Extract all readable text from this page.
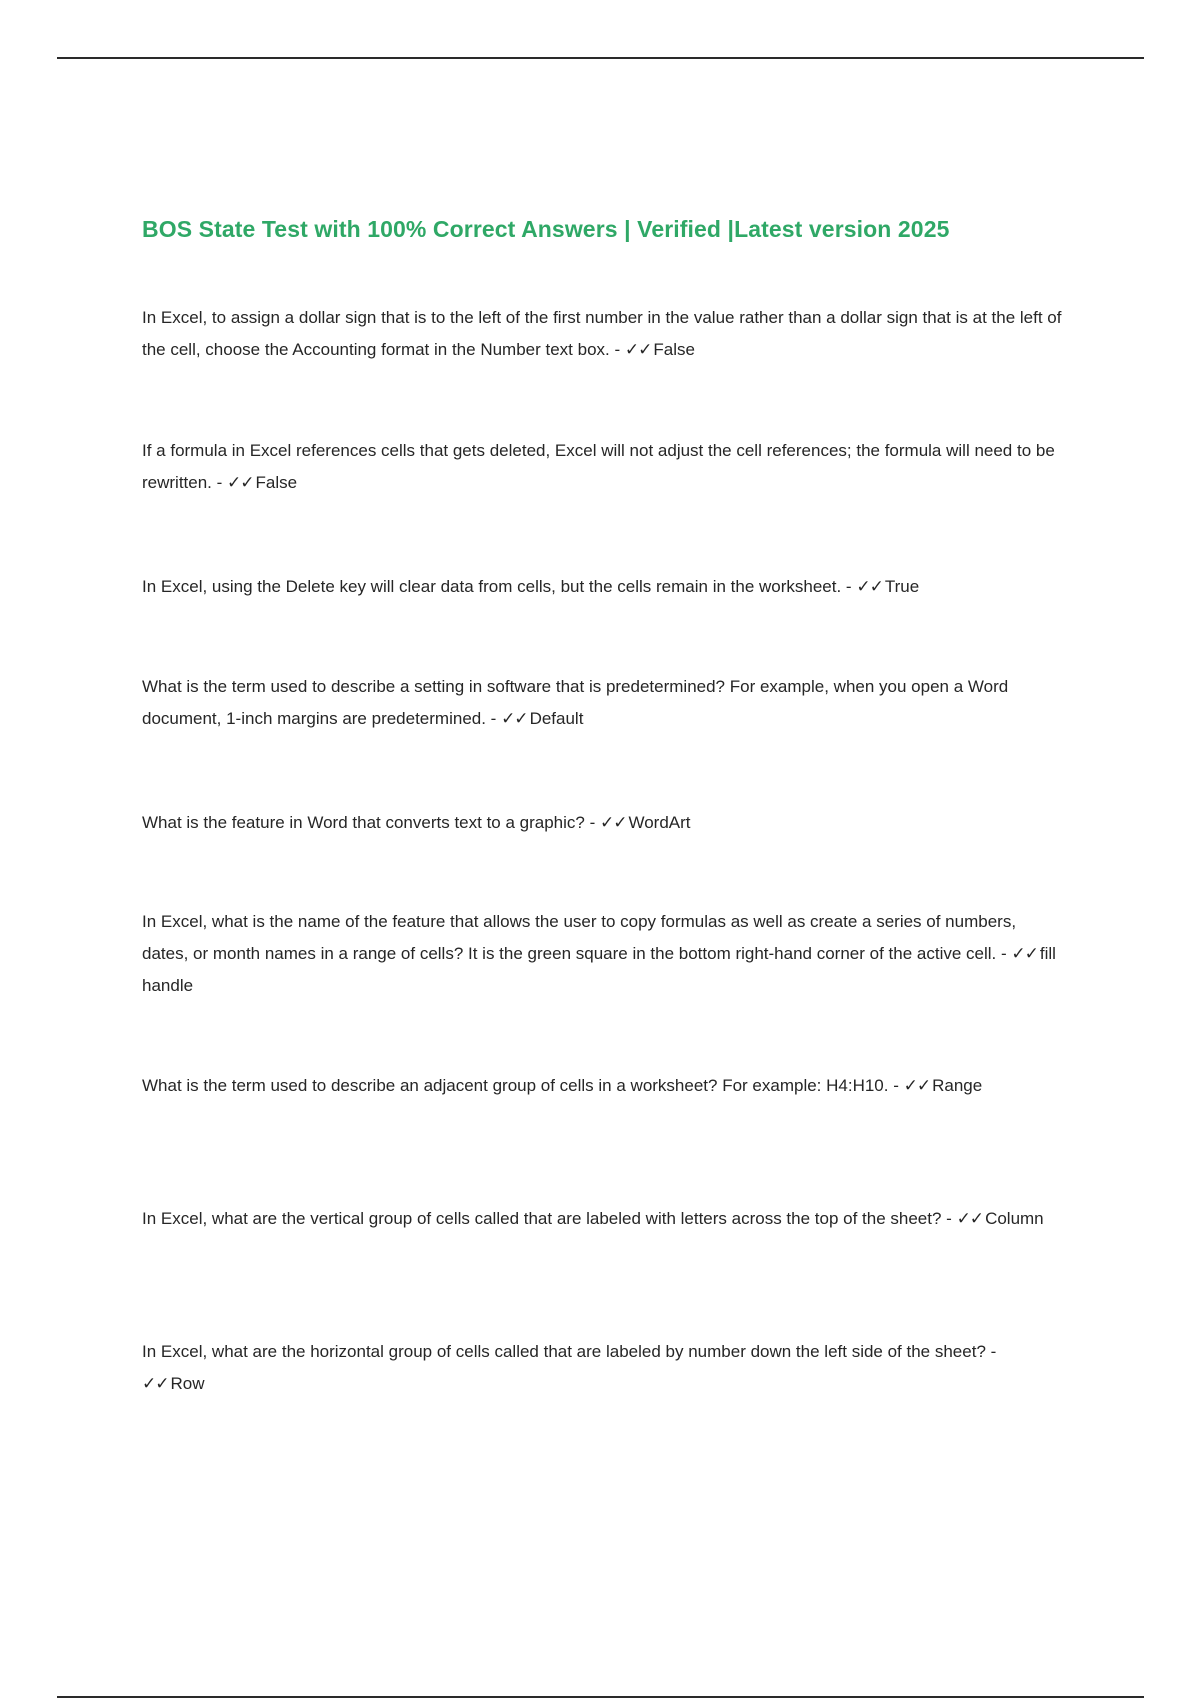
BOS State Test with 100% Correct Answers | Verified |Latest version 2025

In Excel, to assign a dollar sign that is to the left of the first number in the value rather than a dollar sign that is at the left of the cell, choose the Accounting format in the Number text box. - ✓✓ False

If a formula in Excel references cells that gets deleted, Excel will not adjust the cell references; the formula will need to be rewritten. - ✓✓ False

In Excel, using the Delete key will clear data from cells, but the cells remain in the worksheet. - ✓✓ True

What is the term used to describe a setting in software that is predetermined? For example, when you open a Word document, 1-inch margins are predetermined. - ✓✓ Default

What is the feature in Word that converts text to a graphic? - ✓✓ WordArt

In Excel, what is the name of the feature that allows the user to copy formulas as well as create a series of numbers, dates, or month names in a range of cells? It is the green square in the bottom right-hand corner of the active cell. - ✓✓ fill handle

What is the term used to describe an adjacent group of cells in a worksheet? For example: H4:H10. - ✓✓ Range

In Excel, what are the vertical group of cells called that are labeled with letters across the top of the sheet? - ✓✓ Column

In Excel, what are the horizontal group of cells called that are labeled by number down the left side of the sheet? - ✓✓ Row
